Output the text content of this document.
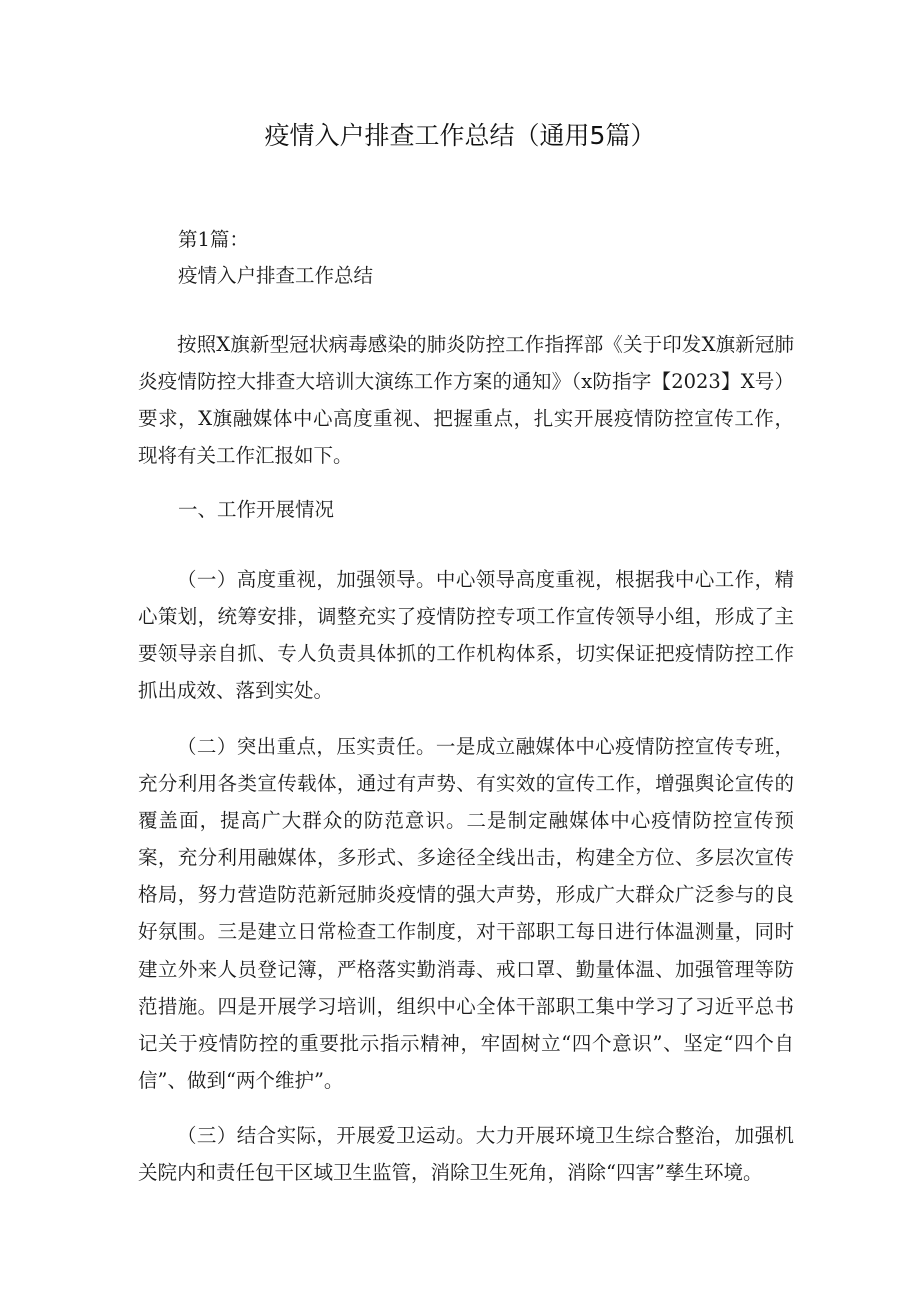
疫情入户排查工作总结（通用5篇）
第1篇：
疫情入户排查工作总结
按照X旗新型冠状病毒感染的肺炎防控工作指挥部《关于印发X旗新冠肺炎疫情防控大排查大培训大演练工作方案的通知》（x防指字【2023】X号）要求，X旗融媒体中心高度重视、把握重点，扎实开展疫情防控宣传工作，现将有关工作汇报如下。
一、工作开展情况
（一）高度重视，加强领导。中心领导高度重视，根据我中心工作，精心策划，统筹安排，调整充实了疫情防控专项工作宣传领导小组，形成了主要领导亲自抓、专人负责具体抓的工作机构体系，切实保证把疫情防控工作抓出成效、落到实处。
（二）突出重点，压实责任。一是成立融媒体中心疫情防控宣传专班，充分利用各类宣传载体，通过有声势、有实效的宣传工作，增强舆论宣传的覆盖面，提高广大群众的防范意识。二是制定融媒体中心疫情防控宣传预案，充分利用融媒体，多形式、多途径全线出击，构建全方位、多层次宣传格局，努力营造防范新冠肺炎疫情的强大声势，形成广大群众广泛参与的良好氛围。三是建立日常检查工作制度，对干部职工每日进行体温测量，同时建立外来人员登记簿，严格落实勤消毒、戒口罩、勤量体温、加强管理等防范措施。四是开展学习培训，组织中心全体干部职工集中学习了习近平总书记关于疫情防控的重要批示指示精神，牢固树立“四个意识”、坚定“四个自信”、做到“两个维护”。
（三）结合实际，开展爱卫运动。大力开展环境卫生综合整治，加强机关院内和责任包干区域卫生监管，消除卫生死角，消除“四害”孳生环境。
